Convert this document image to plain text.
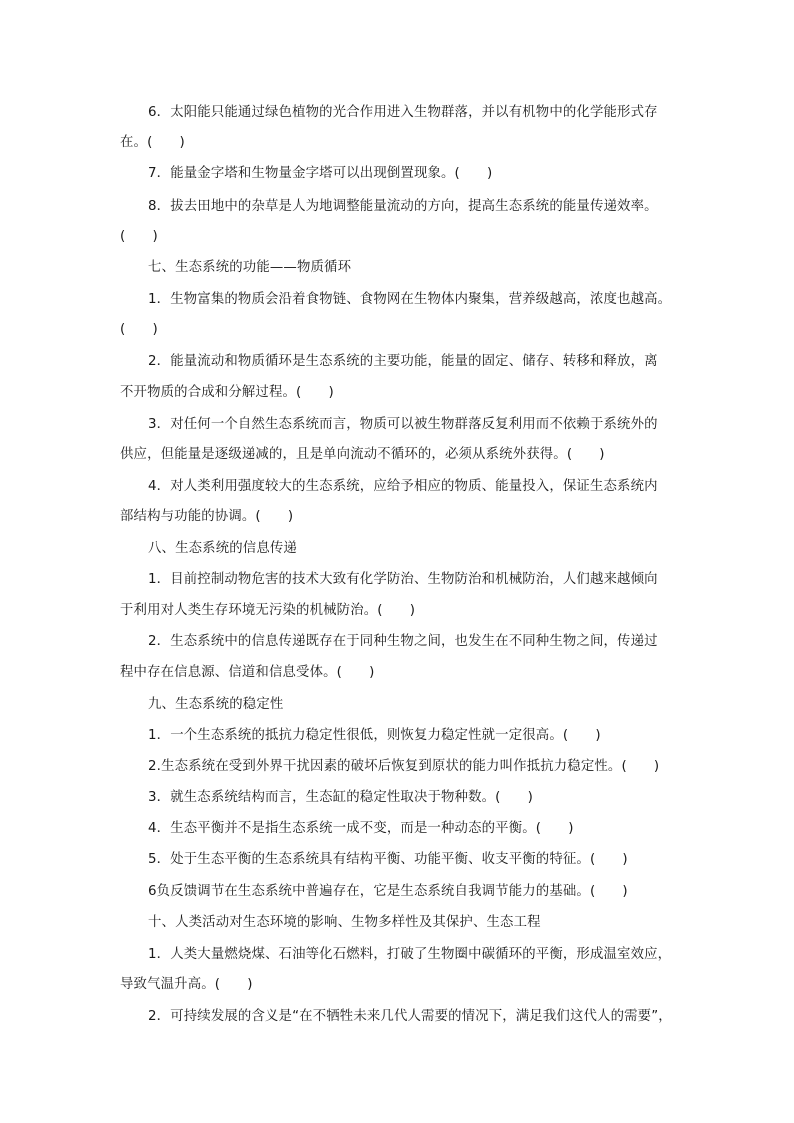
6．太阳能只能通过绿色植物的光合作用进入生物群落，并以有机物中的化学能形式存
在。(　　)
7．能量金字塔和生物量金字塔可以出现倒置现象。(　　)
8．拔去田地中的杂草是人为地调整能量流动的方向，提高生态系统的能量传递效率。
(　　)
七、生态系统的功能——物质循环
1．生物富集的物质会沿着食物链、食物网在生物体内聚集，营养级越高，浓度也越高。
(　　)
2．能量流动和物质循环是生态系统的主要功能，能量的固定、储存、转移和释放，离
不开物质的合成和分解过程。(　　)
3．对任何一个自然生态系统而言，物质可以被生物群落反复利用而不依赖于系统外的
供应，但能量是逐级递减的，且是单向流动不循环的，必须从系统外获得。(　　)
4．对人类利用强度较大的生态系统，应给予相应的物质、能量投入，保证生态系统内
部结构与功能的协调。(　　)
八、生态系统的信息传递
1．目前控制动物危害的技术大致有化学防治、生物防治和机械防治，人们越来越倾向
于利用对人类生存环境无污染的机械防治。(　　)
2．生态系统中的信息传递既存在于同种生物之间，也发生在不同种生物之间，传递过
程中存在信息源、信道和信息受体。(　　)
九、生态系统的稳定性
1．一个生态系统的抵抗力稳定性很低，则恢复力稳定性就一定很高。(　　)
2.生态系统在受到外界干扰因素的破坏后恢复到原状的能力叫作抵抗力稳定性。(　　)
3．就生态系统结构而言，生态缸的稳定性取决于物种数。(　　)
4．生态平衡并不是指生态系统一成不变，而是一种动态的平衡。(　　)
5．处于生态平衡的生态系统具有结构平衡、功能平衡、收支平衡的特征。(　　)
6负反馈调节在生态系统中普遍存在，它是生态系统自我调节能力的基础。(　　)
十、人类活动对生态环境的影响、生物多样性及其保护、生态工程
1．人类大量燃烧煤、石油等化石燃料，打破了生物圈中碳循环的平衡，形成温室效应，
导致气温升高。(　　)
2．可持续发展的含义是“在不牺牲未来几代人需要的情况下，满足我们这代人的需要”，
